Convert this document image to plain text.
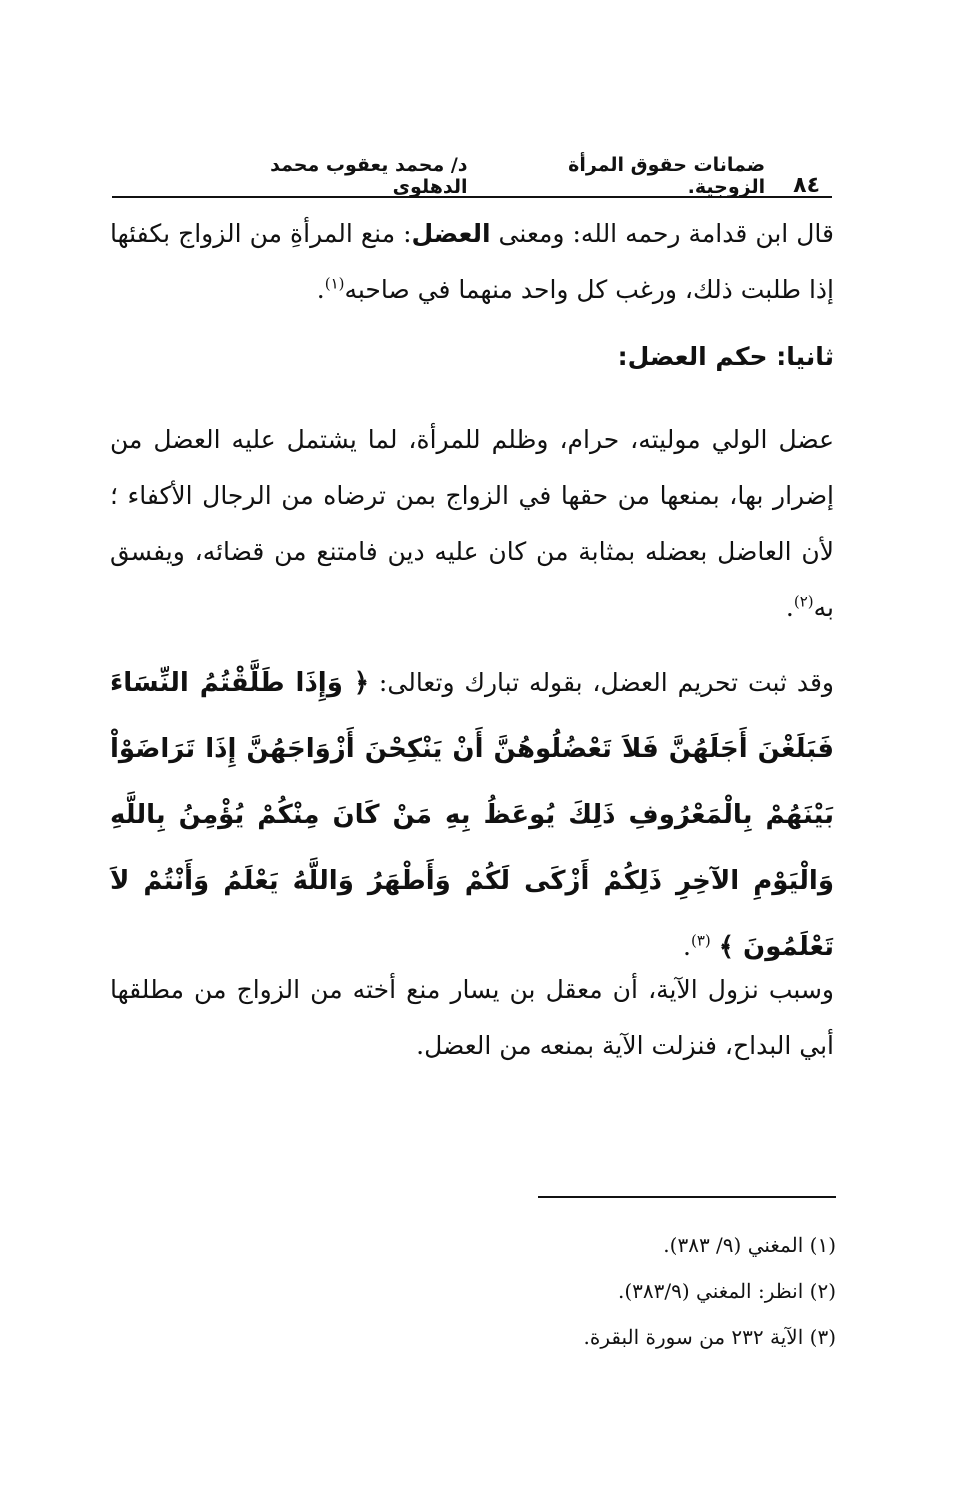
٨٤
ضمانات حقوق المرأة الزوجية.
د/ محمد يعقوب محمد الدهلوي
قال ابن قدامة رحمه الله: ومعنى العضل: منع المرأةِ من الزواج بكفئها إذا طلبت ذلك، ورغب كل واحد منهما في صاحبه$^{(١)}$.
ثانيا: حكم العضل:
عضل الولي موليته، حرام، وظلم للمرأة، لما يشتمل عليه العضل من إضرار بها، بمنعها من حقها في الزواج بمن ترضاه من الرجال الأكفاء ؛ لأن العاضل بعضله بمثابة من كان عليه دين فامتنع من قضائه، ويفسق به$^{(٢)}$.
وقد ثبت تحريم العضل، بقوله تبارك وتعالى: ﴿ وَإِذَا طَلَّقْتُمُ النِّسَاءَ فَبَلَغْنَ أَجَلَهُنَّ فَلاَ تَعْضُلُوهُنَّ أَنْ يَنْكِحْنَ أَزْوَاجَهُنَّ إِذَا تَرَاضَوْاْ بَيْنَهُمْ بِالْمَعْرُوفِ ذَلِكَ يُوعَظُ بِهِ مَنْ كَانَ مِنْكُمْ يُؤْمِنُ بِاللَّهِ وَالْيَوْمِ الآخِرِ ذَلِكُمْ أَزْكَى لَكُمْ وَأَطْهَرُ وَاللَّهُ يَعْلَمُ وَأَنْتُمْ لاَ تَعْلَمُونَ ﴾ $^{(٣)}$.
وسبب نزول الآية، أن معقل بن يسار منع أخته من الزواج من مطلقها أبي البداح، فنزلت الآية بمنعه من العضل.
(١) المغني (٩/ ٣٨٣).
(٢) انظر: المغني (٣٨٣/٩).
(٣) الآية ٢٣٢ من سورة البقرة.
